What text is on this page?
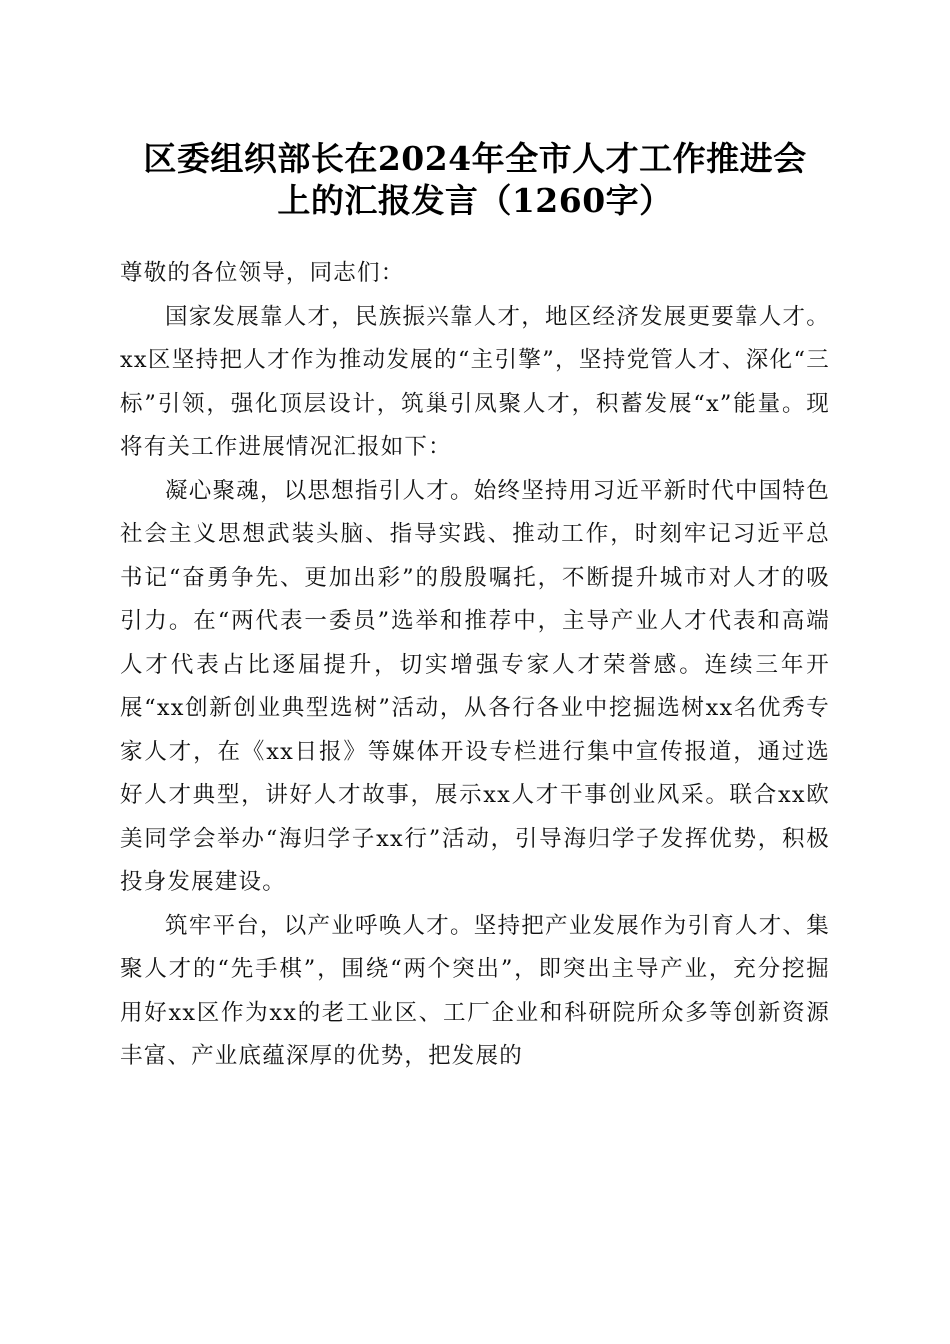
区委组织部长在2024年全市人才工作推进会
上的汇报发言（1260字）

尊敬的各位领导，同志们：

国家发展靠人才，民族振兴靠人才，地区经济发展更要靠人才。xx区坚持把人才作为推动发展的“主引擎”，坚持党管人才、深化“三标”引领，强化顶层设计，筑巢引凤聚人才，积蓄发展“x”能量。现将有关工作进展情况汇报如下：

凝心聚魂，以思想指引人才。始终坚持用习近平新时代中国特色社会主义思想武装头脑、指导实践、推动工作，时刻牢记习近平总书记“奋勇争先、更加出彩”的殷殷嘱托，不断提升城市对人才的吸引力。在“两代表一委员”选举和推荐中，主导产业人才代表和高端人才代表占比逐届提升，切实增强专家人才荣誉感。连续三年开展“xx创新创业典型选树”活动，从各行各业中挖掘选树xx名优秀专家人才，在《xx日报》等媒体开设专栏进行集中宣传报道，通过选好人才典型，讲好人才故事，展示xx人才干事创业风采。联合xx欧美同学会举办“海归学子xx行”活动，引导海归学子发挥优势，积极投身发展建设。

筑牢平台，以产业呼唤人才。坚持把产业发展作为引育人才、集聚人才的“先手棋”，围绕“两个突出”，即突出主导产业，充分挖掘用好xx区作为xx的老工业区、工厂企业和科研院所众多等创新资源丰富、产业底蕴深厚的优势，把发展的
